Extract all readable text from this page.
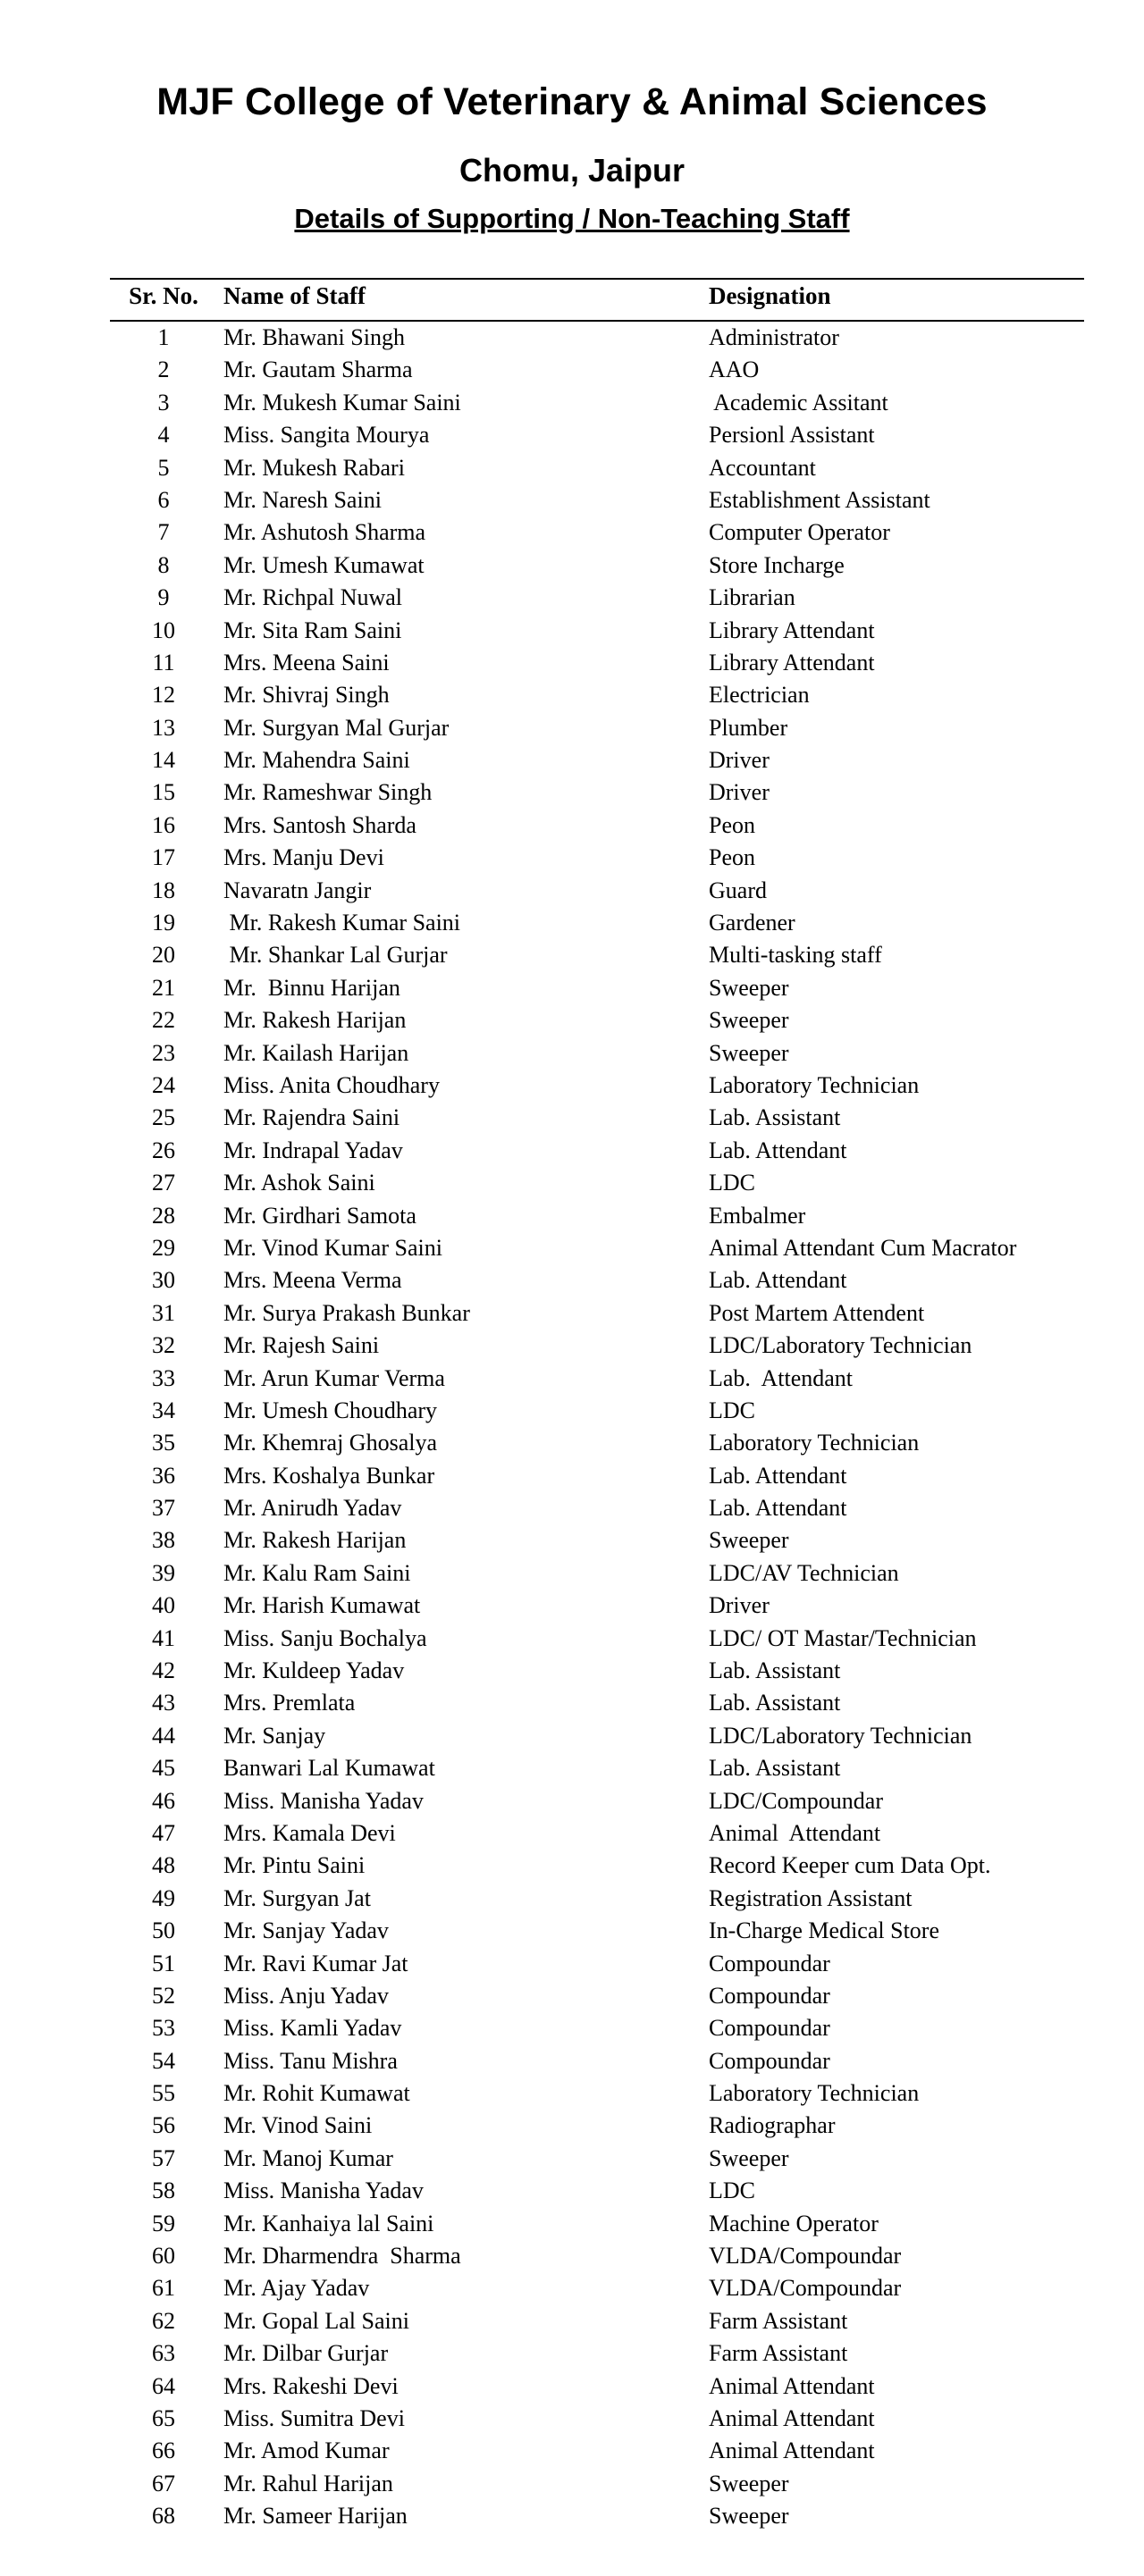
MJF College of Veterinary & Animal Sciences
Chomu, Jaipur
Details of Supporting / Non-Teaching Staff
Sr. No.	Name of Staff	Designation
1	Mr. Bhawani Singh	Administrator
2	Mr. Gautam Sharma	AAO
3	Mr. Mukesh Kumar Saini	Academic Assitant
4	Miss. Sangita Mourya	Persionl Assistant
5	Mr. Mukesh Rabari	Accountant
6	Mr. Naresh Saini	Establishment Assistant
7	Mr. Ashutosh Sharma	Computer Operator
8	Mr. Umesh Kumawat	Store Incharge
9	Mr. Richpal Nuwal	Librarian
10	Mr. Sita Ram Saini	Library Attendant
11	Mrs. Meena Saini	Library Attendant
12	Mr. Shivraj Singh	Electrician
13	Mr. Surgyan Mal Gurjar	Plumber
14	Mr. Mahendra Saini	Driver
15	Mr. Rameshwar Singh	Driver
16	Mrs. Santosh Sharda	Peon
17	Mrs. Manju Devi	Peon
18	Navaratn Jangir	Guard
19	Mr. Rakesh Kumar Saini	Gardener
20	Mr. Shankar Lal Gurjar	Multi-tasking staff
21	Mr.  Binnu Harijan	Sweeper
22	Mr. Rakesh Harijan	Sweeper
23	Mr. Kailash Harijan	Sweeper
24	Miss. Anita Choudhary	Laboratory Technician
25	Mr. Rajendra Saini	Lab. Assistant
26	Mr. Indrapal Yadav	Lab. Attendant
27	Mr. Ashok Saini	LDC
28	Mr. Girdhari Samota	Embalmer
29	Mr. Vinod Kumar Saini	Animal Attendant Cum Macrator
30	Mrs. Meena Verma	Lab. Attendant
31	Mr. Surya Prakash Bunkar	Post Martem Attendent
32	Mr. Rajesh Saini	LDC/Laboratory Technician
33	Mr. Arun Kumar Verma	Lab.  Attendant
34	Mr. Umesh Choudhary	LDC
35	Mr. Khemraj Ghosalya	Laboratory Technician
36	Mrs. Koshalya Bunkar	Lab. Attendant
37	Mr. Anirudh Yadav	Lab. Attendant
38	Mr. Rakesh Harijan	Sweeper
39	Mr. Kalu Ram Saini	LDC/AV Technician
40	Mr. Harish Kumawat	Driver
41	Miss. Sanju Bochalya	LDC/ OT Mastar/Technician
42	Mr. Kuldeep Yadav	Lab. Assistant
43	Mrs. Premlata	Lab. Assistant
44	Mr. Sanjay	LDC/Laboratory Technician
45	Banwari Lal Kumawat	Lab. Assistant
46	Miss. Manisha Yadav	LDC/Compoundar
47	Mrs. Kamala Devi	Animal  Attendant
48	Mr. Pintu Saini	Record Keeper cum Data Opt.
49	Mr. Surgyan Jat	Registration Assistant
50	Mr. Sanjay Yadav	In-Charge Medical Store
51	Mr. Ravi Kumar Jat	Compoundar
52	Miss. Anju Yadav	Compoundar
53	Miss. Kamli Yadav	Compoundar
54	Miss. Tanu Mishra	Compoundar
55	Mr. Rohit Kumawat	Laboratory Technician
56	Mr. Vinod Saini	Radiographar
57	Mr. Manoj Kumar	Sweeper
58	Miss. Manisha Yadav	LDC
59	Mr. Kanhaiya lal Saini	Machine Operator
60	Mr. Dharmendra  Sharma	VLDA/Compoundar
61	Mr. Ajay Yadav	VLDA/Compoundar
62	Mr. Gopal Lal Saini	Farm Assistant
63	Mr. Dilbar Gurjar	Farm Assistant
64	Mrs. Rakeshi Devi	Animal Attendant
65	Miss. Sumitra Devi	Animal Attendant
66	Mr. Amod Kumar	Animal Attendant
67	Mr. Rahul Harijan	Sweeper
68	Mr. Sameer Harijan	Sweeper
